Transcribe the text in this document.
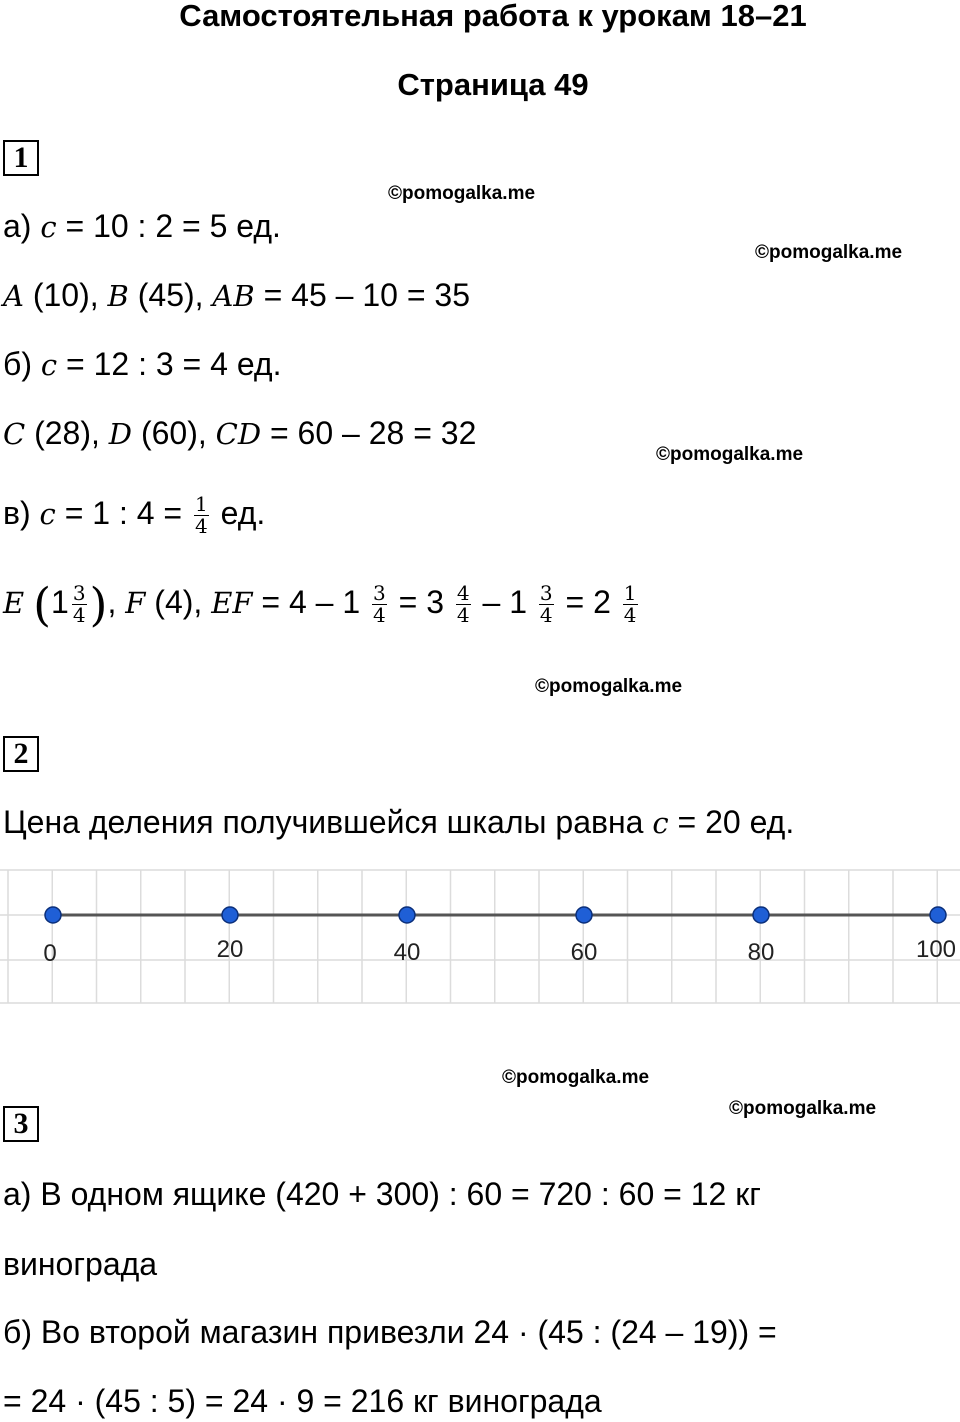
Самостоятельная работа к урокам 18–21
Страница 49
©pomogalka.me
©pomogalka.me
©pomogalka.me
©pomogalka.me
©pomogalka.me
©pomogalka.me
1
а) c = 10 : 2 = 5 ед.
A (10), B (45), AB = 45 – 10 = 35
б) c = 12 : 3 = 4 ед.
C (28), D (60), CD = 60 – 28 = 32
в) c = 1 : $4 = \frac{1}{4}$ ед.
E ($1 \frac{3}{4}$ ), F (4), EF = $4 - 1 \frac{3}{4} = 3 \frac{4}{4} - 1 \frac{3}{4} = 2 \frac{1}{4}$
2
Цена деления получившейся шкалы равна c = 20 ед.
0	20	40	60	80	100
3
а) В одном ящике (420 + 300) : 60 = 720 : 60 = 12 кг
винограда
б) Во второй магазин привезли 24 · (45 : (24 – 19)) =
= 24 · (45 : 5) = 24 · 9 = 216 кг винограда
